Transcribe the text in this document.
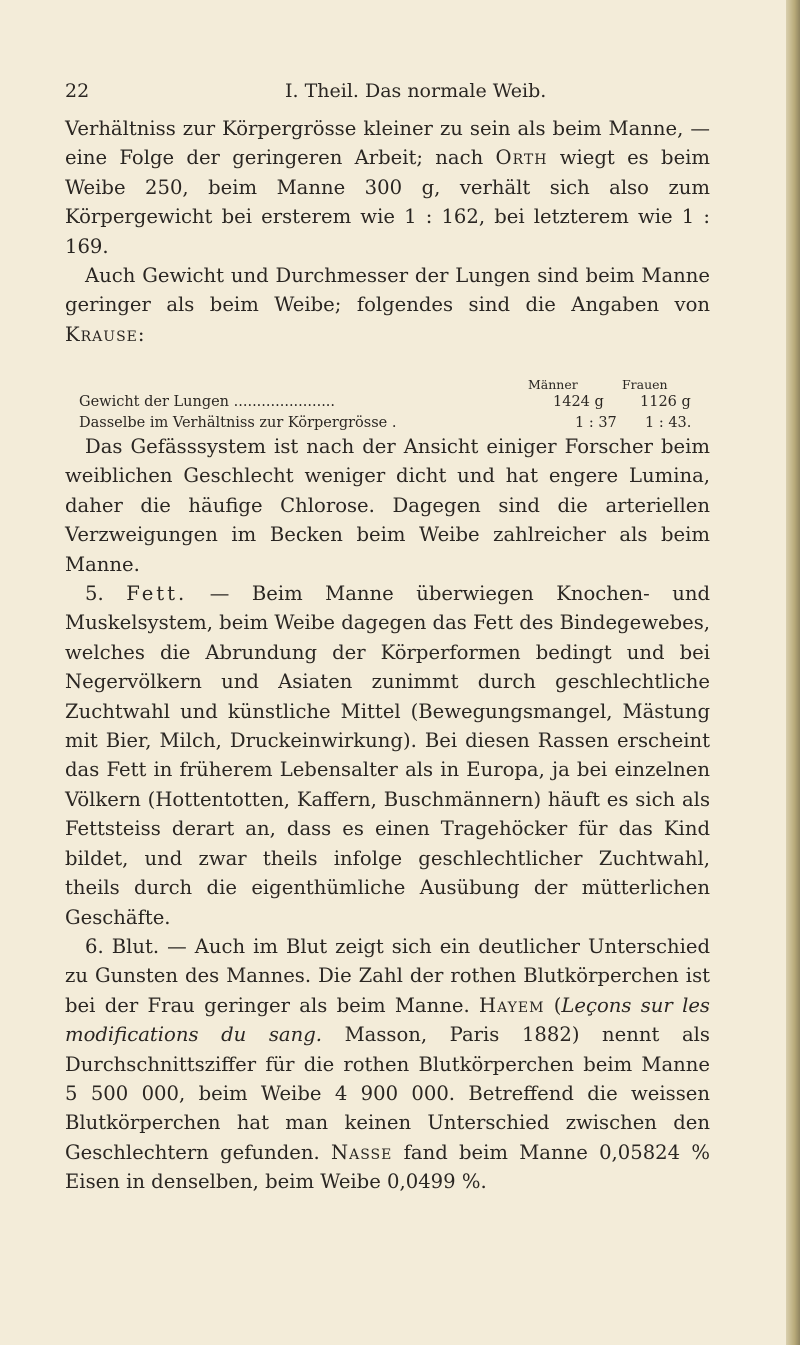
22	I. Theil. Das normale Weib.

Verhältniss zur Körpergrösse kleiner zu sein als beim Manne, — eine Folge der geringeren Arbeit; nach Orth wiegt es beim Weibe 250, beim Manne 300 g, verhält sich also zum Körpergewicht bei ersterem wie 1 : 162, bei letzterem wie 1 : 169.

Auch Gewicht und Durchmesser der Lungen sind beim Manne geringer als beim Weibe; folgendes sind die Angaben von Krause:

Männer	Frauen
Gewicht der Lungen ......................	1424 g 1126 g
Dasselbe im Verhältniss zur Körpergrösse .	1 : 37 1 : 43.

Das Gefässsystem ist nach der Ansicht einiger Forscher beim weiblichen Geschlecht weniger dicht und hat engere Lumina, daher die häufige Chlorose. Dagegen sind die arteriellen Verzweigungen im Becken beim Weibe zahlreicher als beim Manne.

5. Fett. — Beim Manne überwiegen Knochen- und Muskelsystem, beim Weibe dagegen das Fett des Bindegewebes, welches die Abrundung der Körperformen bedingt und bei Negervölkern und Asiaten zunimmt durch geschlechtliche Zuchtwahl und künstliche Mittel (Bewegungsmangel, Mästung mit Bier, Milch, Druckeinwirkung). Bei diesen Rassen erscheint das Fett in früherem Lebensalter als in Europa, ja bei einzelnen Völkern (Hottentotten, Kaffern, Buschmännern) häuft es sich als Fettsteiss derart an, dass es einen Tragehöcker für das Kind bildet, und zwar theils infolge geschlechtlicher Zuchtwahl, theils durch die eigenthümliche Ausübung der mütterlichen Geschäfte.

6. Blut. — Auch im Blut zeigt sich ein deutlicher Unterschied zu Gunsten des Mannes. Die Zahl der rothen Blutkörperchen ist bei der Frau geringer als beim Manne. Hayem (Leçons sur les modifications du sang. Masson, Paris 1882) nennt als Durchschnittsziffer für die rothen Blutkörperchen beim Manne 5 500 000, beim Weibe 4 900 000. Betreffend die weissen Blutkörperchen hat man keinen Unterschied zwischen den Geschlechtern gefunden. Nasse fand beim Manne 0,05824 % Eisen in denselben, beim Weibe 0,0499 %.
